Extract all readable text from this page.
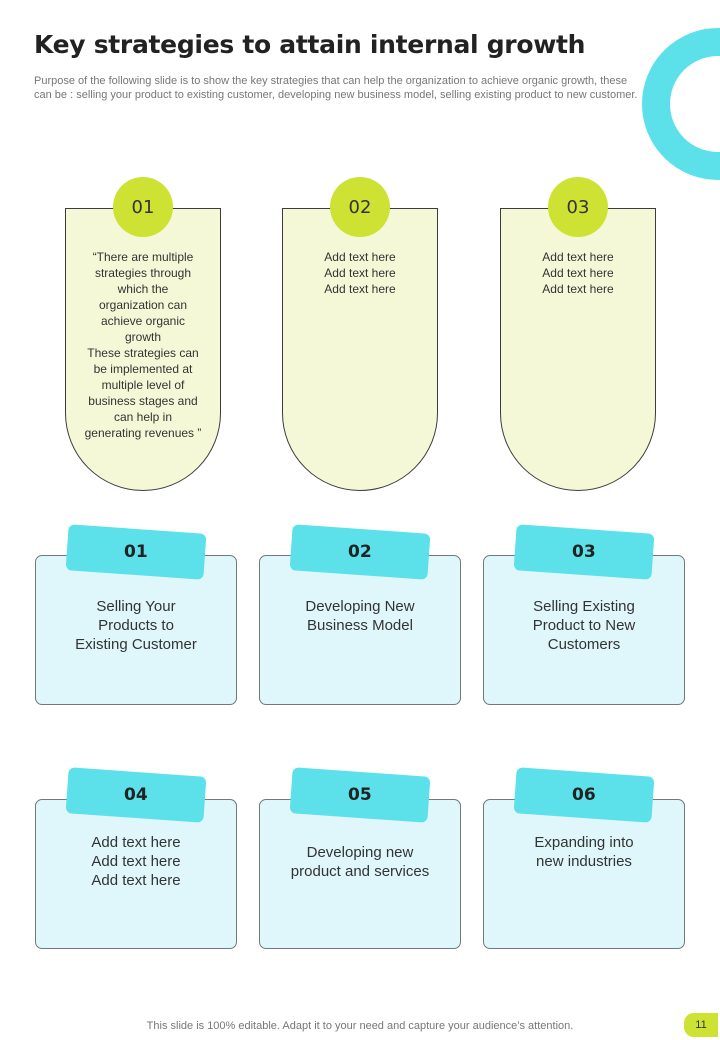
Key strategies to attain internal growth

Purpose of the following slide is to show the key strategies that can help the organization to achieve organic growth, these can be : selling your product to existing customer, developing new business model, selling existing product to new customer.

“There are multiple
strategies through
which the
organization can
achieve organic
growth
These strategies can
be implemented at
multiple level of
business stages and
can help in
generating revenues ”
01
Add text here
Add text here
Add text here
02
Add text here
Add text here
Add text here
03
Selling Your
Products to
Existing Customer
01
Developing New
Business Model
02
Selling Existing
Product to New
Customers
03
Add text here
Add text here
Add text here
04
Developing new
product and services
05
Expanding into
new industries
06
This slide is 100% editable. Adapt it to your need and capture your audience’s attention.	11
